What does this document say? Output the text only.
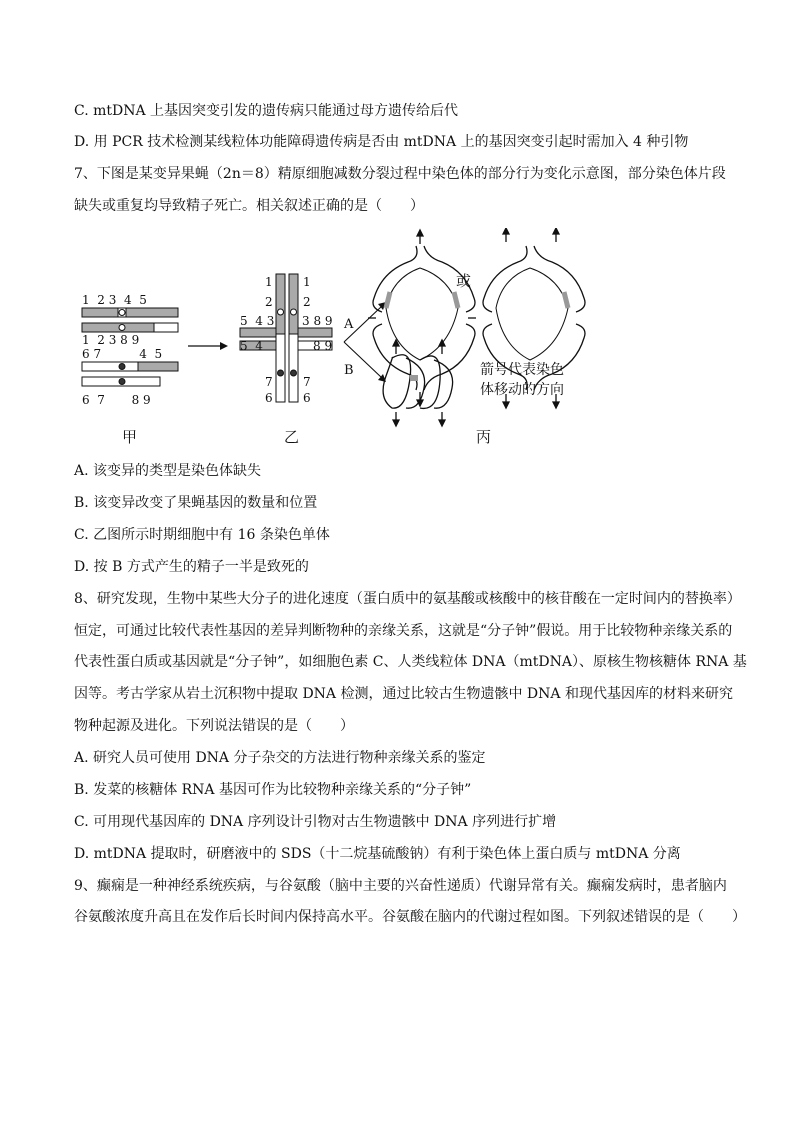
C. mtDNA 上基因突变引发的遗传病只能通过母方遗传给后代
D. 用 PCR 技术检测某线粒体功能障碍遗传病是否由 mtDNA 上的基因突变引起时需加入 4 种引物
7、下图是某变异果蝇（2n＝8）精原细胞减数分裂过程中染色体的部分行为变化示意图，部分染色体片段
缺失或重复均导致精子死亡。相关叙述正确的是（　　）
1  2 3  4  5
1  2 3 8 9
6 7          4  5
6  7       8 9
1
2
1
2
5  4 3 3 8 9
5  4	8 9
7
6
7
6
A
B
或
箭号代表染色
体移动的方向
甲	乙	丙
A. 该变异的类型是染色体缺失
B. 该变异改变了果蝇基因的数量和位置
C. 乙图所示时期细胞中有 16 条染色单体
D. 按 B 方式产生的精子一半是致死的
8、研究发现，生物中某些大分子的进化速度（蛋白质中的氨基酸或核酸中的核苷酸在一定时间内的替换率）
恒定，可通过比较代表性基因的差异判断物种的亲缘关系，这就是“分子钟”假说。用于比较物种亲缘关系的
代表性蛋白质或基因就是“分子钟”，如细胞色素 C、人类线粒体 DNA（mtDNA）、原核生物核糖体 RNA 基
因等。考古学家从岩土沉积物中提取 DNA 检测，通过比较古生物遗骸中 DNA 和现代基因库的材料来研究
物种起源及进化。下列说法错误的是（　　）
A. 研究人员可使用 DNA 分子杂交的方法进行物种亲缘关系的鉴定
B. 发菜的核糖体 RNA 基因可作为比较物种亲缘关系的“分子钟”
C. 可用现代基因库的 DNA 序列设计引物对古生物遗骸中 DNA 序列进行扩增
D. mtDNA 提取时，研磨液中的 SDS（十二烷基硫酸钠）有利于染色体上蛋白质与 mtDNA 分离
9、癫痫是一种神经系统疾病，与谷氨酸（脑中主要的兴奋性递质）代谢异常有关。癫痫发病时，患者脑内
谷氨酸浓度升高且在发作后长时间内保持高水平。谷氨酸在脑内的代谢过程如图。下列叙述错误的是（　　）
